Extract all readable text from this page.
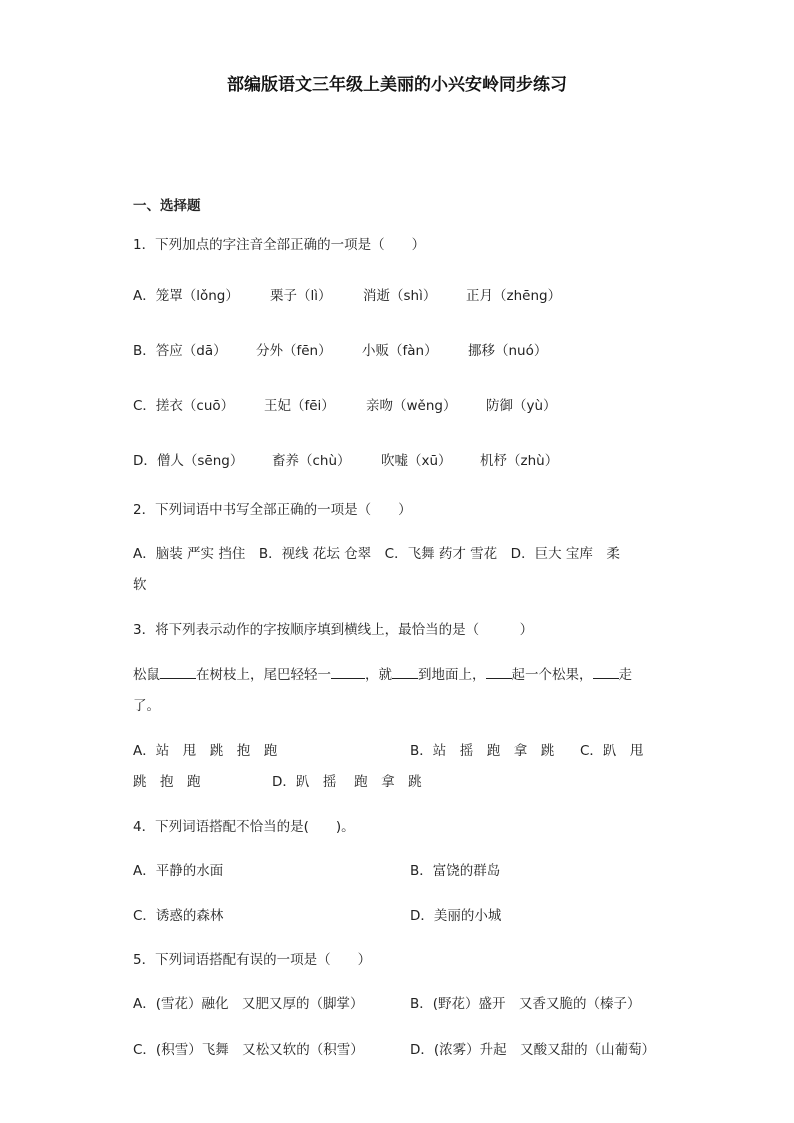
部编版语文三年级上美丽的小兴安岭同步练习
一、选择题
1．下列加点的字注音全部正确的一项是（　　）
A．笼罩（lǒng） 栗子（lì） 消逝（shì） 正月（zhēng）
B．答应（dā） 分外（fēn） 小贩（fàn） 挪移（nuó）
C．搓衣（cuō） 王妃（fēi） 亲吻（wěng） 防御（yù）
D．僧人（sēng） 畜养（chù） 吹嘘（xū） 机杼（zhù）
2．下列词语中书写全部正确的一项是（　　）
A．脑装 严实 挡住　B．视线 花坛 仓翠　C．飞舞 药才 雪花　D．巨大 宝库　柔
软
3．将下列表示动作的字按顺序填到横线上，最恰当的是（　　　）
松鼠	在树枝上，尾巴轻轻一	，就 到地面上， 起一个松果， 走
了。
A．站　甩　跳　抱　跑	B．站　摇　跑　拿　跳 C．趴　甩
跳　抱　跑	D．趴　摇　 跑　拿　跳
4．下列词语搭配不恰当的是(　　)。
A．平静的水面	B．富饶的群岛
C．诱惑的森林	D．美丽的小城
5．下列词语搭配有误的一项是（　　）
A．(雪花）融化　又肥又厚的（脚掌）	B．(野花）盛开　又香又脆的（榛子）
C．(积雪）飞舞　又松又软的（积雪）	D．(浓雾）升起　又酸又甜的（山葡萄）
